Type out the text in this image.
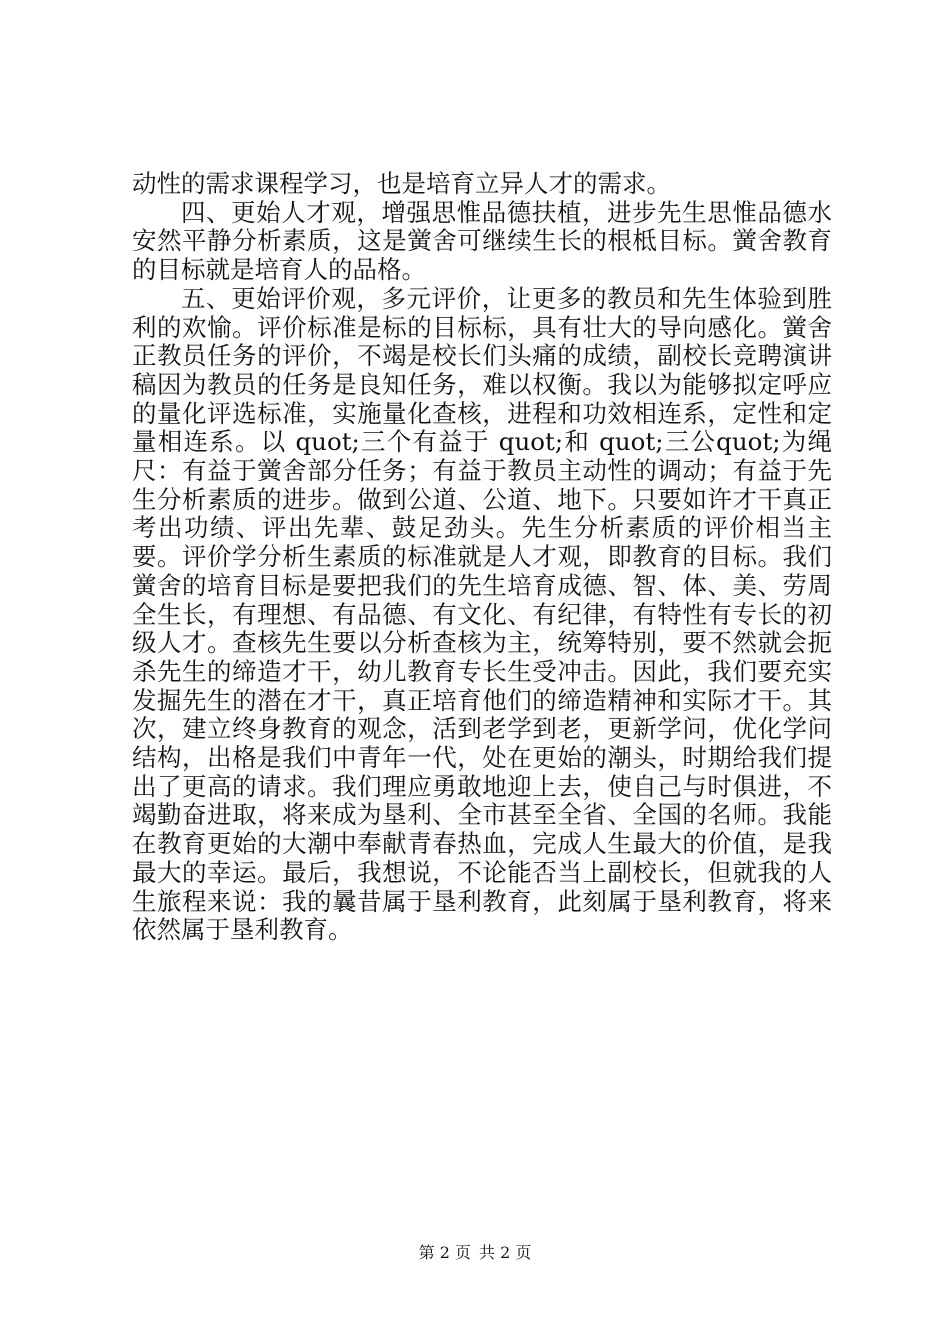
动性的需求课程学习，也是培育立异人才的需求。

四、更始人才观，增强思惟品德扶植，进步先生思惟品德水安然平静分析素质，这是黉舍可继续生长的根柢目标。黉舍教育的目标就是培育人的品格。

五、更始评价观，多元评价，让更多的教员和先生体验到胜利的欢愉。评价标准是标的目标标，具有壮大的导向感化。黉舍正教员任务的评价，不竭是校长们头痛的成绩，副校长竞聘演讲稿因为教员的任务是良知任务，难以权衡。我以为能够拟定呼应的量化评选标准，实施量化查核，进程和功效相连系，定性和定量相连系。以 quot;三个有益于 quot;和 quot;三公quot;为绳尺：有益于黉舍部分任务；有益于教员主动性的调动；有益于先生分析素质的进步。做到公道、公道、地下。只要如许才干真正考出功绩、评出先辈、鼓足劲头。先生分析素质的评价相当主要。评价学分析生素质的标准就是人才观，即教育的目标。我们黉舍的培育目标是要把我们的先生培育成德、智、体、美、劳周全生长，有理想、有品德、有文化、有纪律，有特性有专长的初级人才。查核先生要以分析查核为主，统筹特别，要不然就会扼杀先生的缔造才干，幼儿教育专长生受冲击。因此，我们要充实发掘先生的潜在才干，真正培育他们的缔造精神和实际才干。其次，建立终身教育的观念，活到老学到老，更新学问，优化学问结构，出格是我们中青年一代，处在更始的潮头，时期给我们提出了更高的请求。我们理应勇敢地迎上去，使自己与时俱进，不竭勤奋进取，将来成为垦利、全市甚至全省、全国的名师。我能在教育更始的大潮中奉献青春热血，完成人生最大的价值，是我最大的幸运。最后，我想说，不论能否当上副校长，但就我的人生旅程来说：我的曩昔属于垦利教育，此刻属于垦利教育，将来依然属于垦利教育。

第 2 页 共 2 页
